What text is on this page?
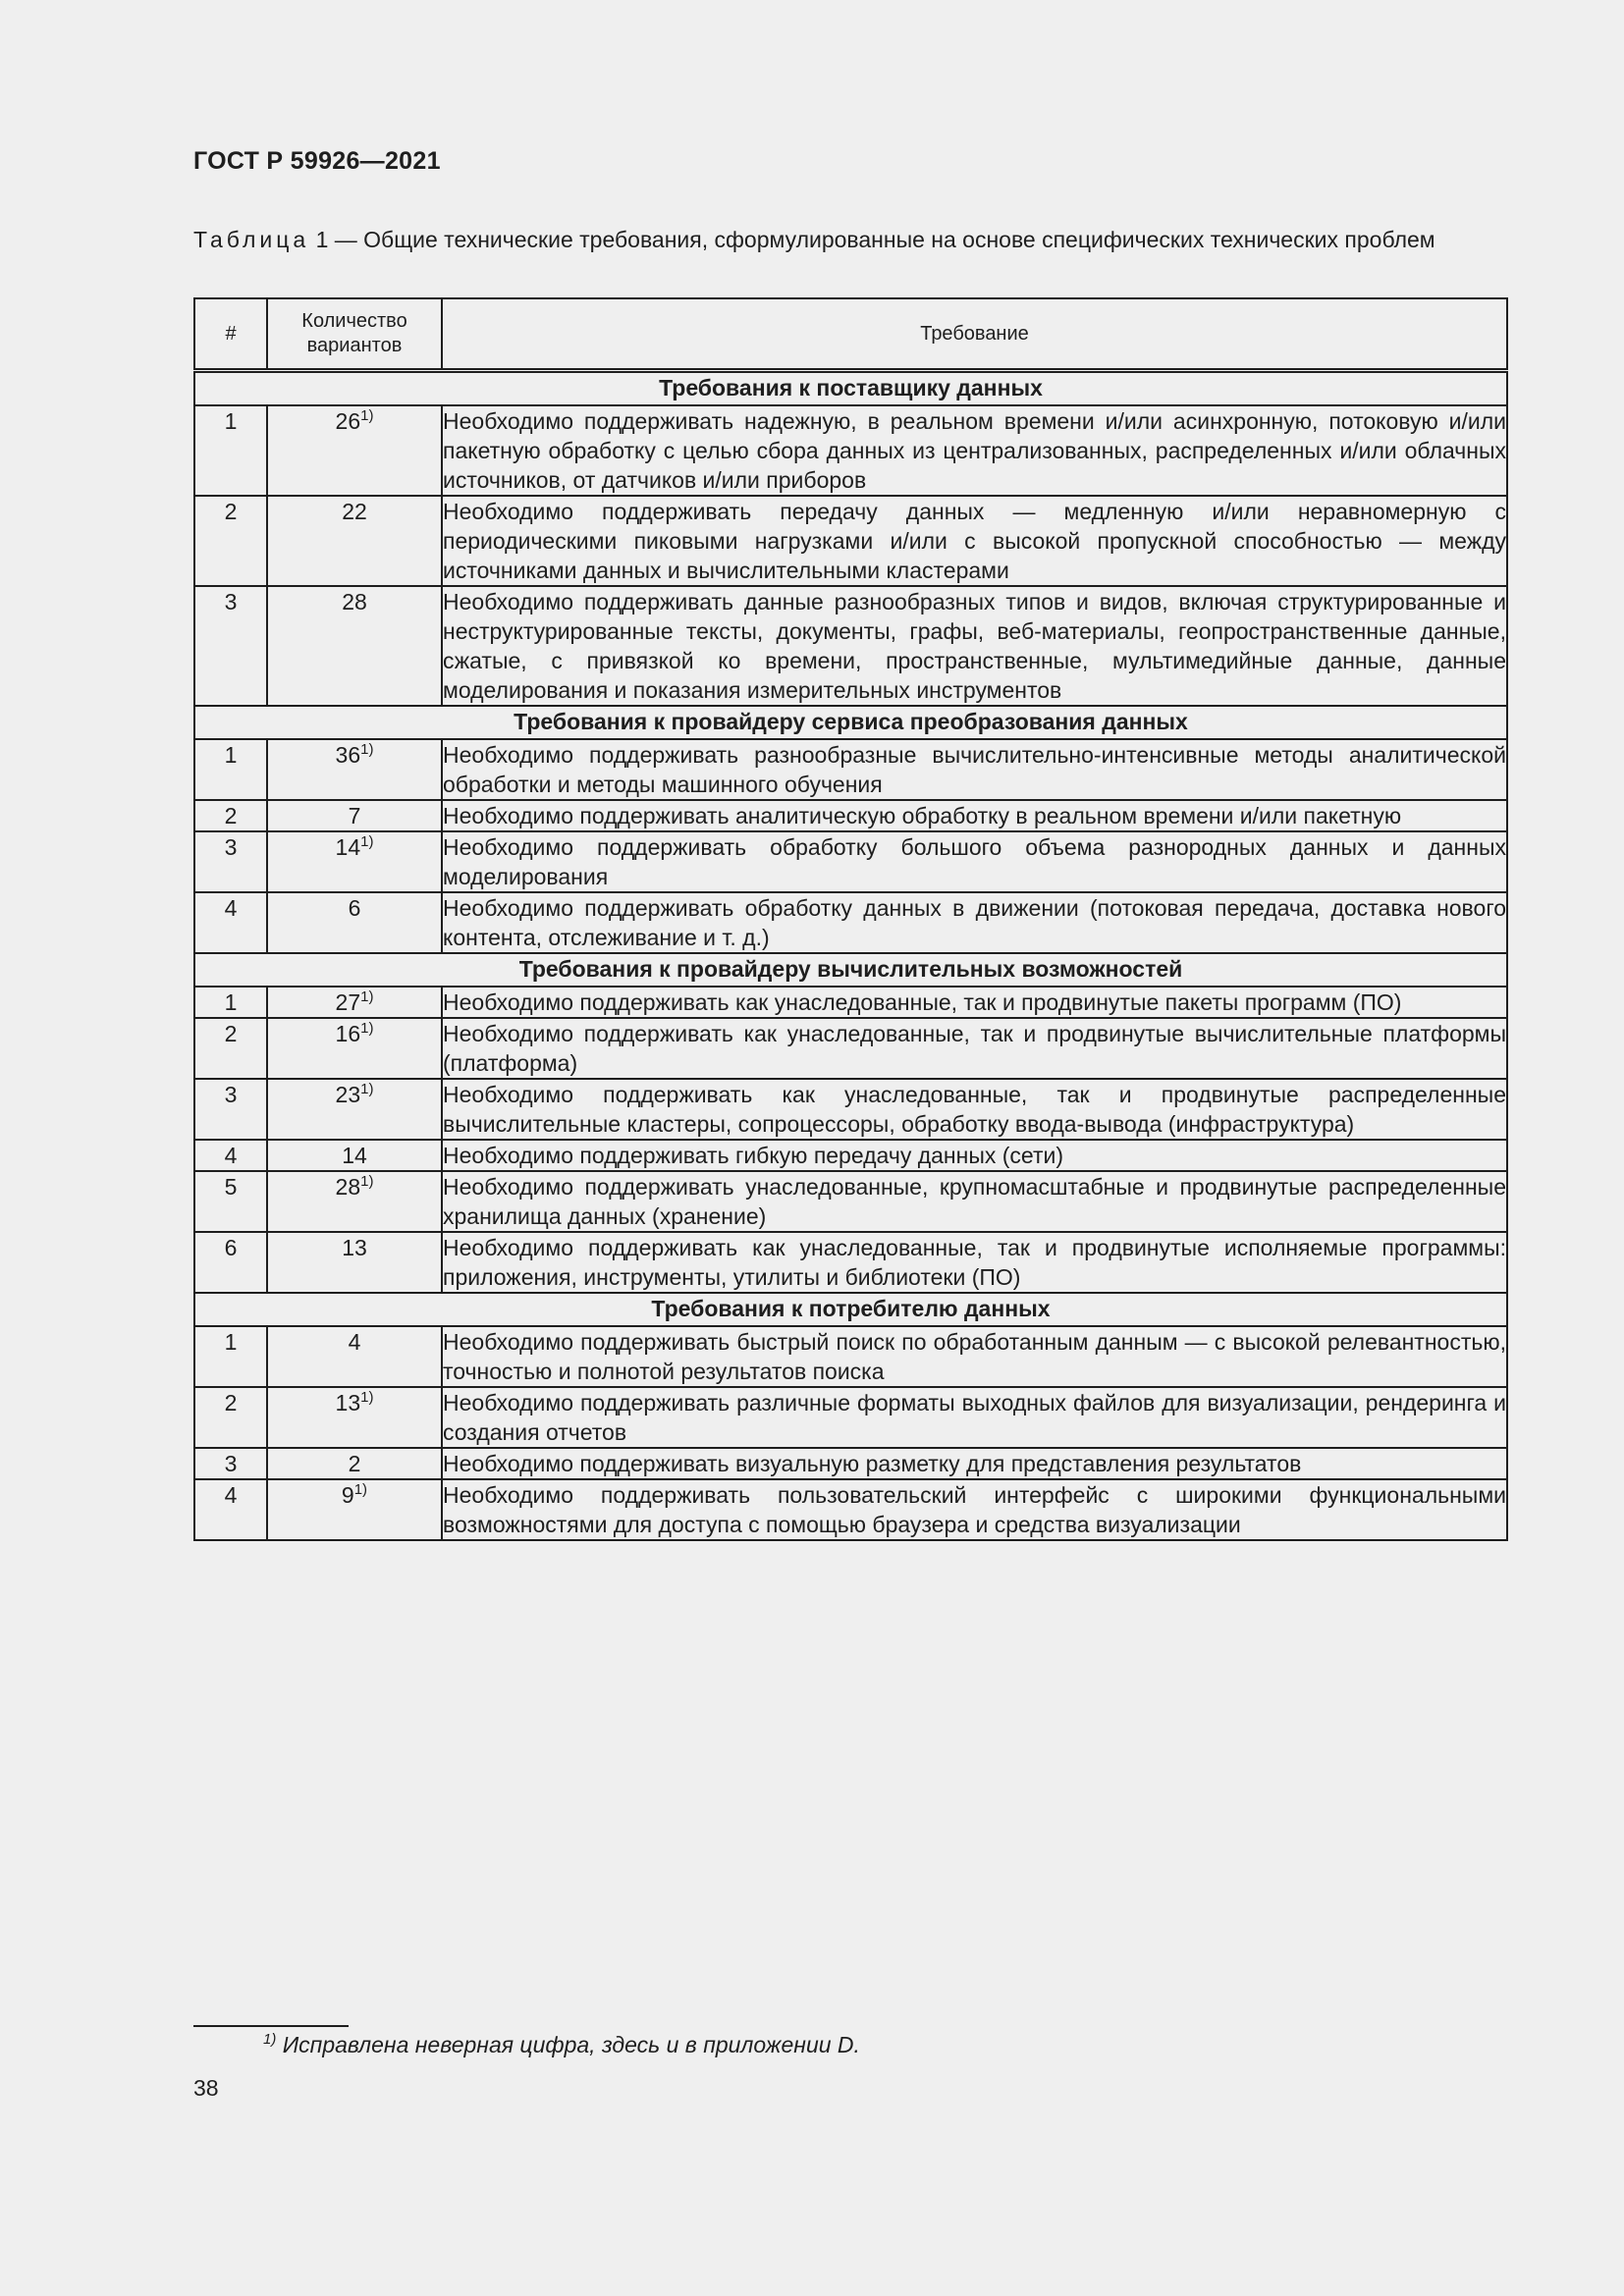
ГОСТ Р 59926—2021
Таблица 1 — Общие технические требования, сформулированные на основе специфических технических проблем
#	Количество вариантов	Требование
Требования к поставщику данных		
1	26$^{1)}$	Необходимо поддерживать надежную, в реальном времени и/или асинхронную, потоковую и/или пакетную обработку с целью сбора данных из централизованных, распределенных и/или облачных источников, от датчиков и/или приборов
2	22	Необходимо поддерживать передачу данных — медленную и/или неравномерную с периодическими пиковыми нагрузками и/или с высокой пропускной способностью — между источниками данных и вычислительными кластерами
3	28	Необходимо поддерживать данные разнообразных типов и видов, включая структурированные и неструктурированные тексты, документы, графы, веб-материалы, геопространственные данные, сжатые, с привязкой ко времени, пространственные, мультимедийные данные, данные моделирования и показания измерительных инструментов
Требования к провайдеру сервиса преобразования данных		
1	36$^{1)}$	Необходимо поддерживать разнообразные вычислительно-интенсивные методы аналитической обработки и методы машинного обучения
2	7	Необходимо поддерживать аналитическую обработку в реальном времени и/или пакетную
3	14$^{1)}$	Необходимо поддерживать обработку большого объема разнородных данных и данных моделирования
4	6	Необходимо поддерживать обработку данных в движении (потоковая передача, доставка нового контента, отслеживание и т. д.)
Требования к провайдеру вычислительных возможностей		
1	27$^{1)}$	Необходимо поддерживать как унаследованные, так и продвинутые пакеты программ (ПО)
2	16$^{1)}$	Необходимо поддерживать как унаследованные, так и продвинутые вычислительные платформы (платформа)
3	23$^{1)}$	Необходимо поддерживать как унаследованные, так и продвинутые распределенные вычислительные кластеры, сопроцессоры, обработку ввода-вывода (инфраструктура)
4	14	Необходимо поддерживать гибкую передачу данных (сети)
5	28$^{1)}$	Необходимо поддерживать унаследованные, крупномасштабные и продвинутые распределенные хранилища данных (хранение)
6	13	Необходимо поддерживать как унаследованные, так и продвинутые исполняемые программы: приложения, инструменты, утилиты и библиотеки (ПО)
Требования к потребителю данных		
1	4	Необходимо поддерживать быстрый поиск по обработанным данным — с высокой релевантностью, точностью и полнотой результатов поиска
2	13$^{1)}$	Необходимо поддерживать различные форматы выходных файлов для визуализации, рендеринга и создания отчетов
3	2	Необходимо поддерживать визуальную разметку для представления результатов
4	9$^{1)}$	Необходимо поддерживать пользовательский интерфейс с широкими функциональными возможностями для доступа с помощью браузера и средства визуализации
$^{1)}$ Исправлена неверная цифра, здесь и в приложении D.
38
